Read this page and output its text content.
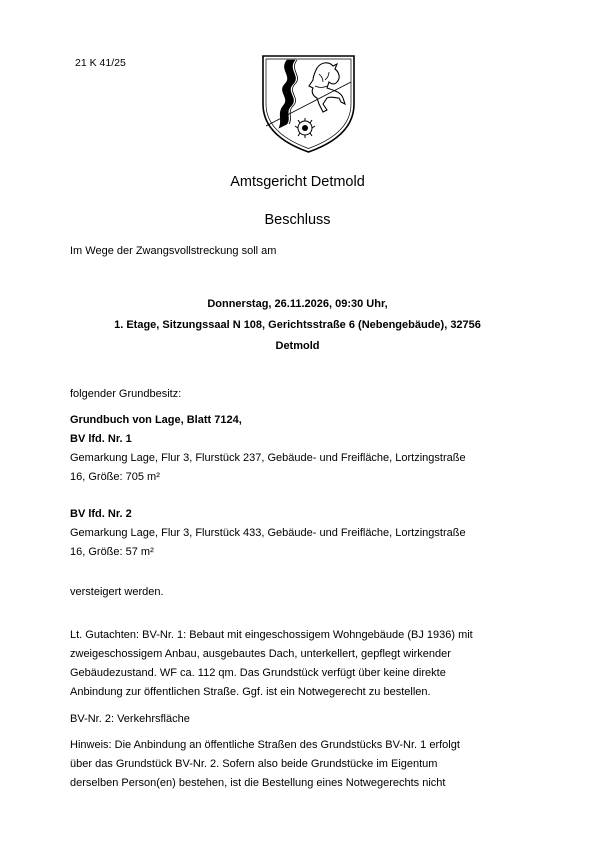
21 K 41/25
Amtsgericht Detmold
Beschluss
Im Wege der Zwangsvollstreckung soll am
Donnerstag, 26.11.2026, 09:30 Uhr,
1. Etage, Sitzungssaal N 108, Gerichtsstraße 6 (Nebengebäude), 32756
Detmold
folgender Grundbesitz:
Grundbuch von Lage, Blatt 7124,
BV lfd. Nr. 1
Gemarkung Lage, Flur 3, Flurstück 237, Gebäude- und Freifläche, Lortzingstraße
16, Größe: 705 m²
BV lfd. Nr. 2
Gemarkung Lage, Flur 3, Flurstück 433, Gebäude- und Freifläche, Lortzingstraße
16, Größe: 57 m²
versteigert werden.
Lt. Gutachten: BV-Nr. 1: Bebaut mit eingeschossigem Wohngebäude (BJ 1936) mit
zweigeschossigem Anbau, ausgebautes Dach, unterkellert, gepflegt wirkender
Gebäudezustand. WF ca. 112 qm. Das Grundstück verfügt über keine direkte
Anbindung zur öffentlichen Straße. Ggf. ist ein Notwegerecht zu bestellen.
BV-Nr. 2: Verkehrsfläche
Hinweis: Die Anbindung an öffentliche Straßen des Grundstücks BV-Nr. 1 erfolgt
über das Grundstück BV-Nr. 2. Sofern also beide Grundstücke im Eigentum
derselben Person(en) bestehen, ist die Bestellung eines Notwegerechts nicht
